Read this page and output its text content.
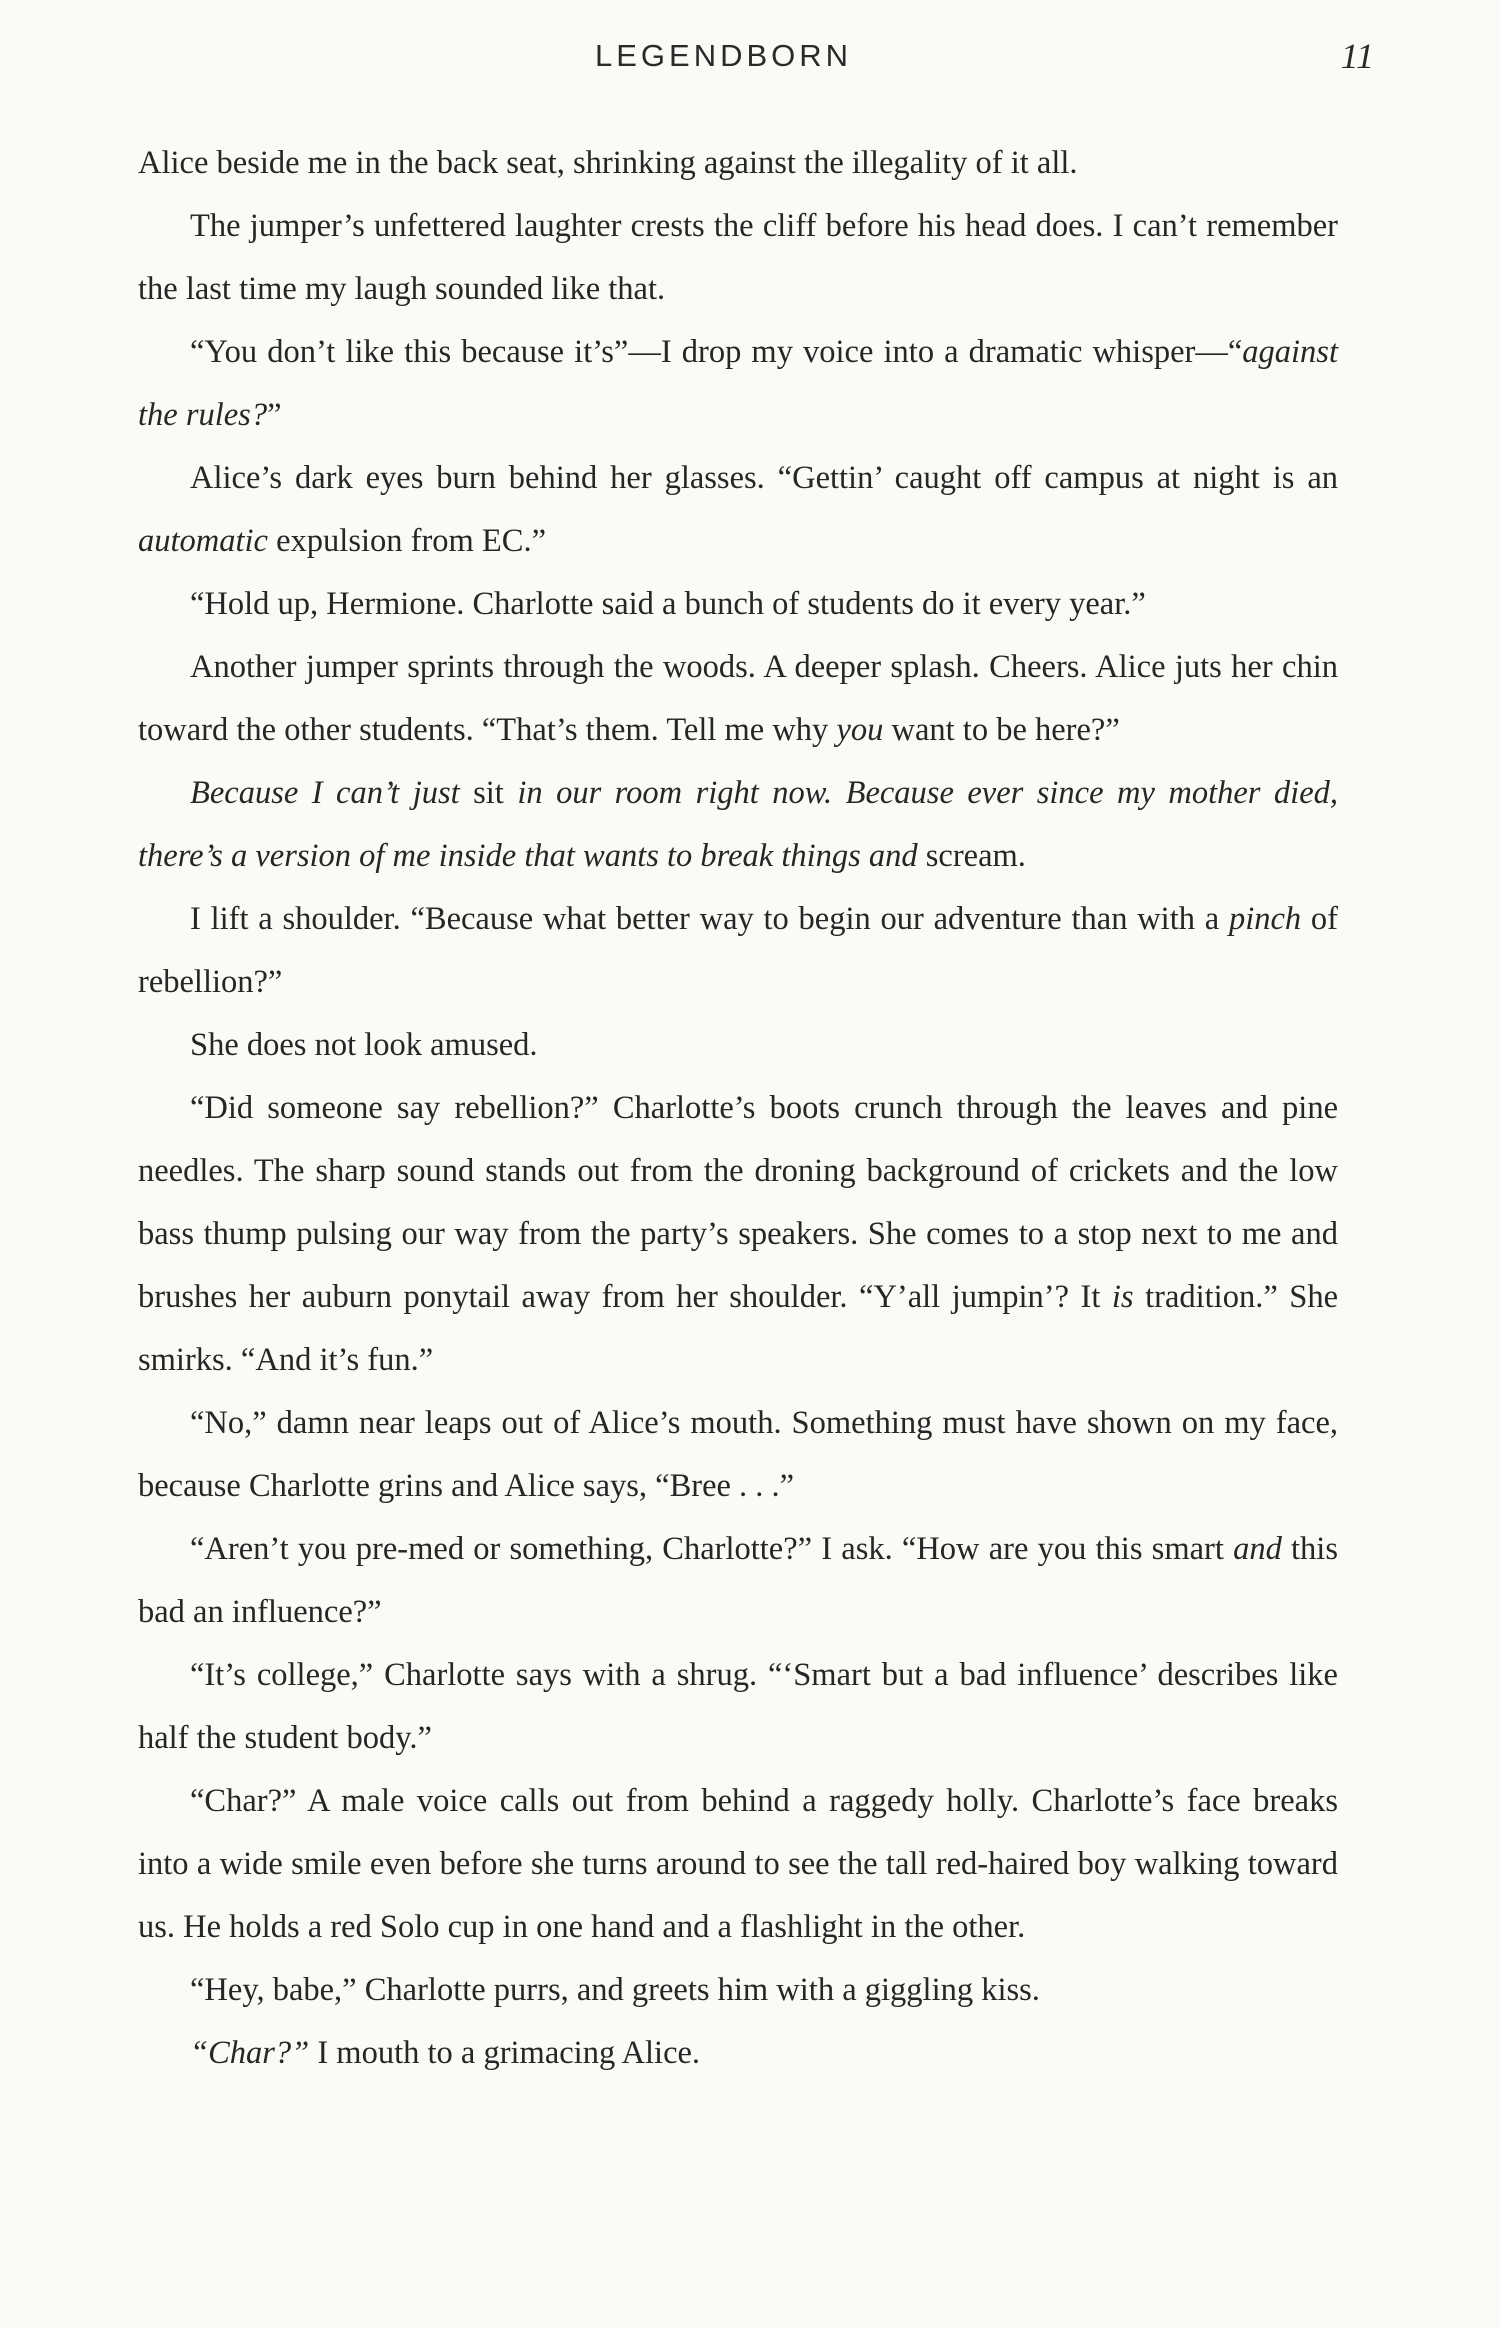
LEGENDBORN	11

Alice beside me in the back seat, shrinking against the illegality of it all.

The jumper’s unfettered laughter crests the cliff before his head does. I can’t remember the last time my laugh sounded like that.

“You don’t like this because it’s”—I drop my voice into a dramatic whisper—“against the rules?”

Alice’s dark eyes burn behind her glasses. “Gettin’ caught off campus at night is an automatic expulsion from EC.”

“Hold up, Hermione. Charlotte said a bunch of students do it every year.”

Another jumper sprints through the woods. A deeper splash. Cheers. Alice juts her chin toward the other students. “That’s them. Tell me why you want to be here?”

Because I can’t just sit in our room right now. Because ever since my mother died, there’s a version of me inside that wants to break things and scream.

I lift a shoulder. “Because what better way to begin our adventure than with a pinch of rebellion?”

She does not look amused.

“Did someone say rebellion?” Charlotte’s boots crunch through the leaves and pine needles. The sharp sound stands out from the droning background of crickets and the low bass thump pulsing our way from the party’s speakers. She comes to a stop next to me and brushes her auburn ponytail away from her shoulder. “Y’all jumpin’? It is tradition.” She smirks. “And it’s fun.”

“No,” damn near leaps out of Alice’s mouth. Something must have shown on my face, because Charlotte grins and Alice says, “Bree . . .”

“Aren’t you pre-med or something, Charlotte?” I ask. “How are you this smart and this bad an influence?”

“It’s college,” Charlotte says with a shrug. “‘Smart but a bad influence’ describes like half the student body.”

“Char?” A male voice calls out from behind a raggedy holly. Charlotte’s face breaks into a wide smile even before she turns around to see the tall red-haired boy walking toward us. He holds a red Solo cup in one hand and a flashlight in the other.

“Hey, babe,” Charlotte purrs, and greets him with a giggling kiss.

“Char?” I mouth to a grimacing Alice.
